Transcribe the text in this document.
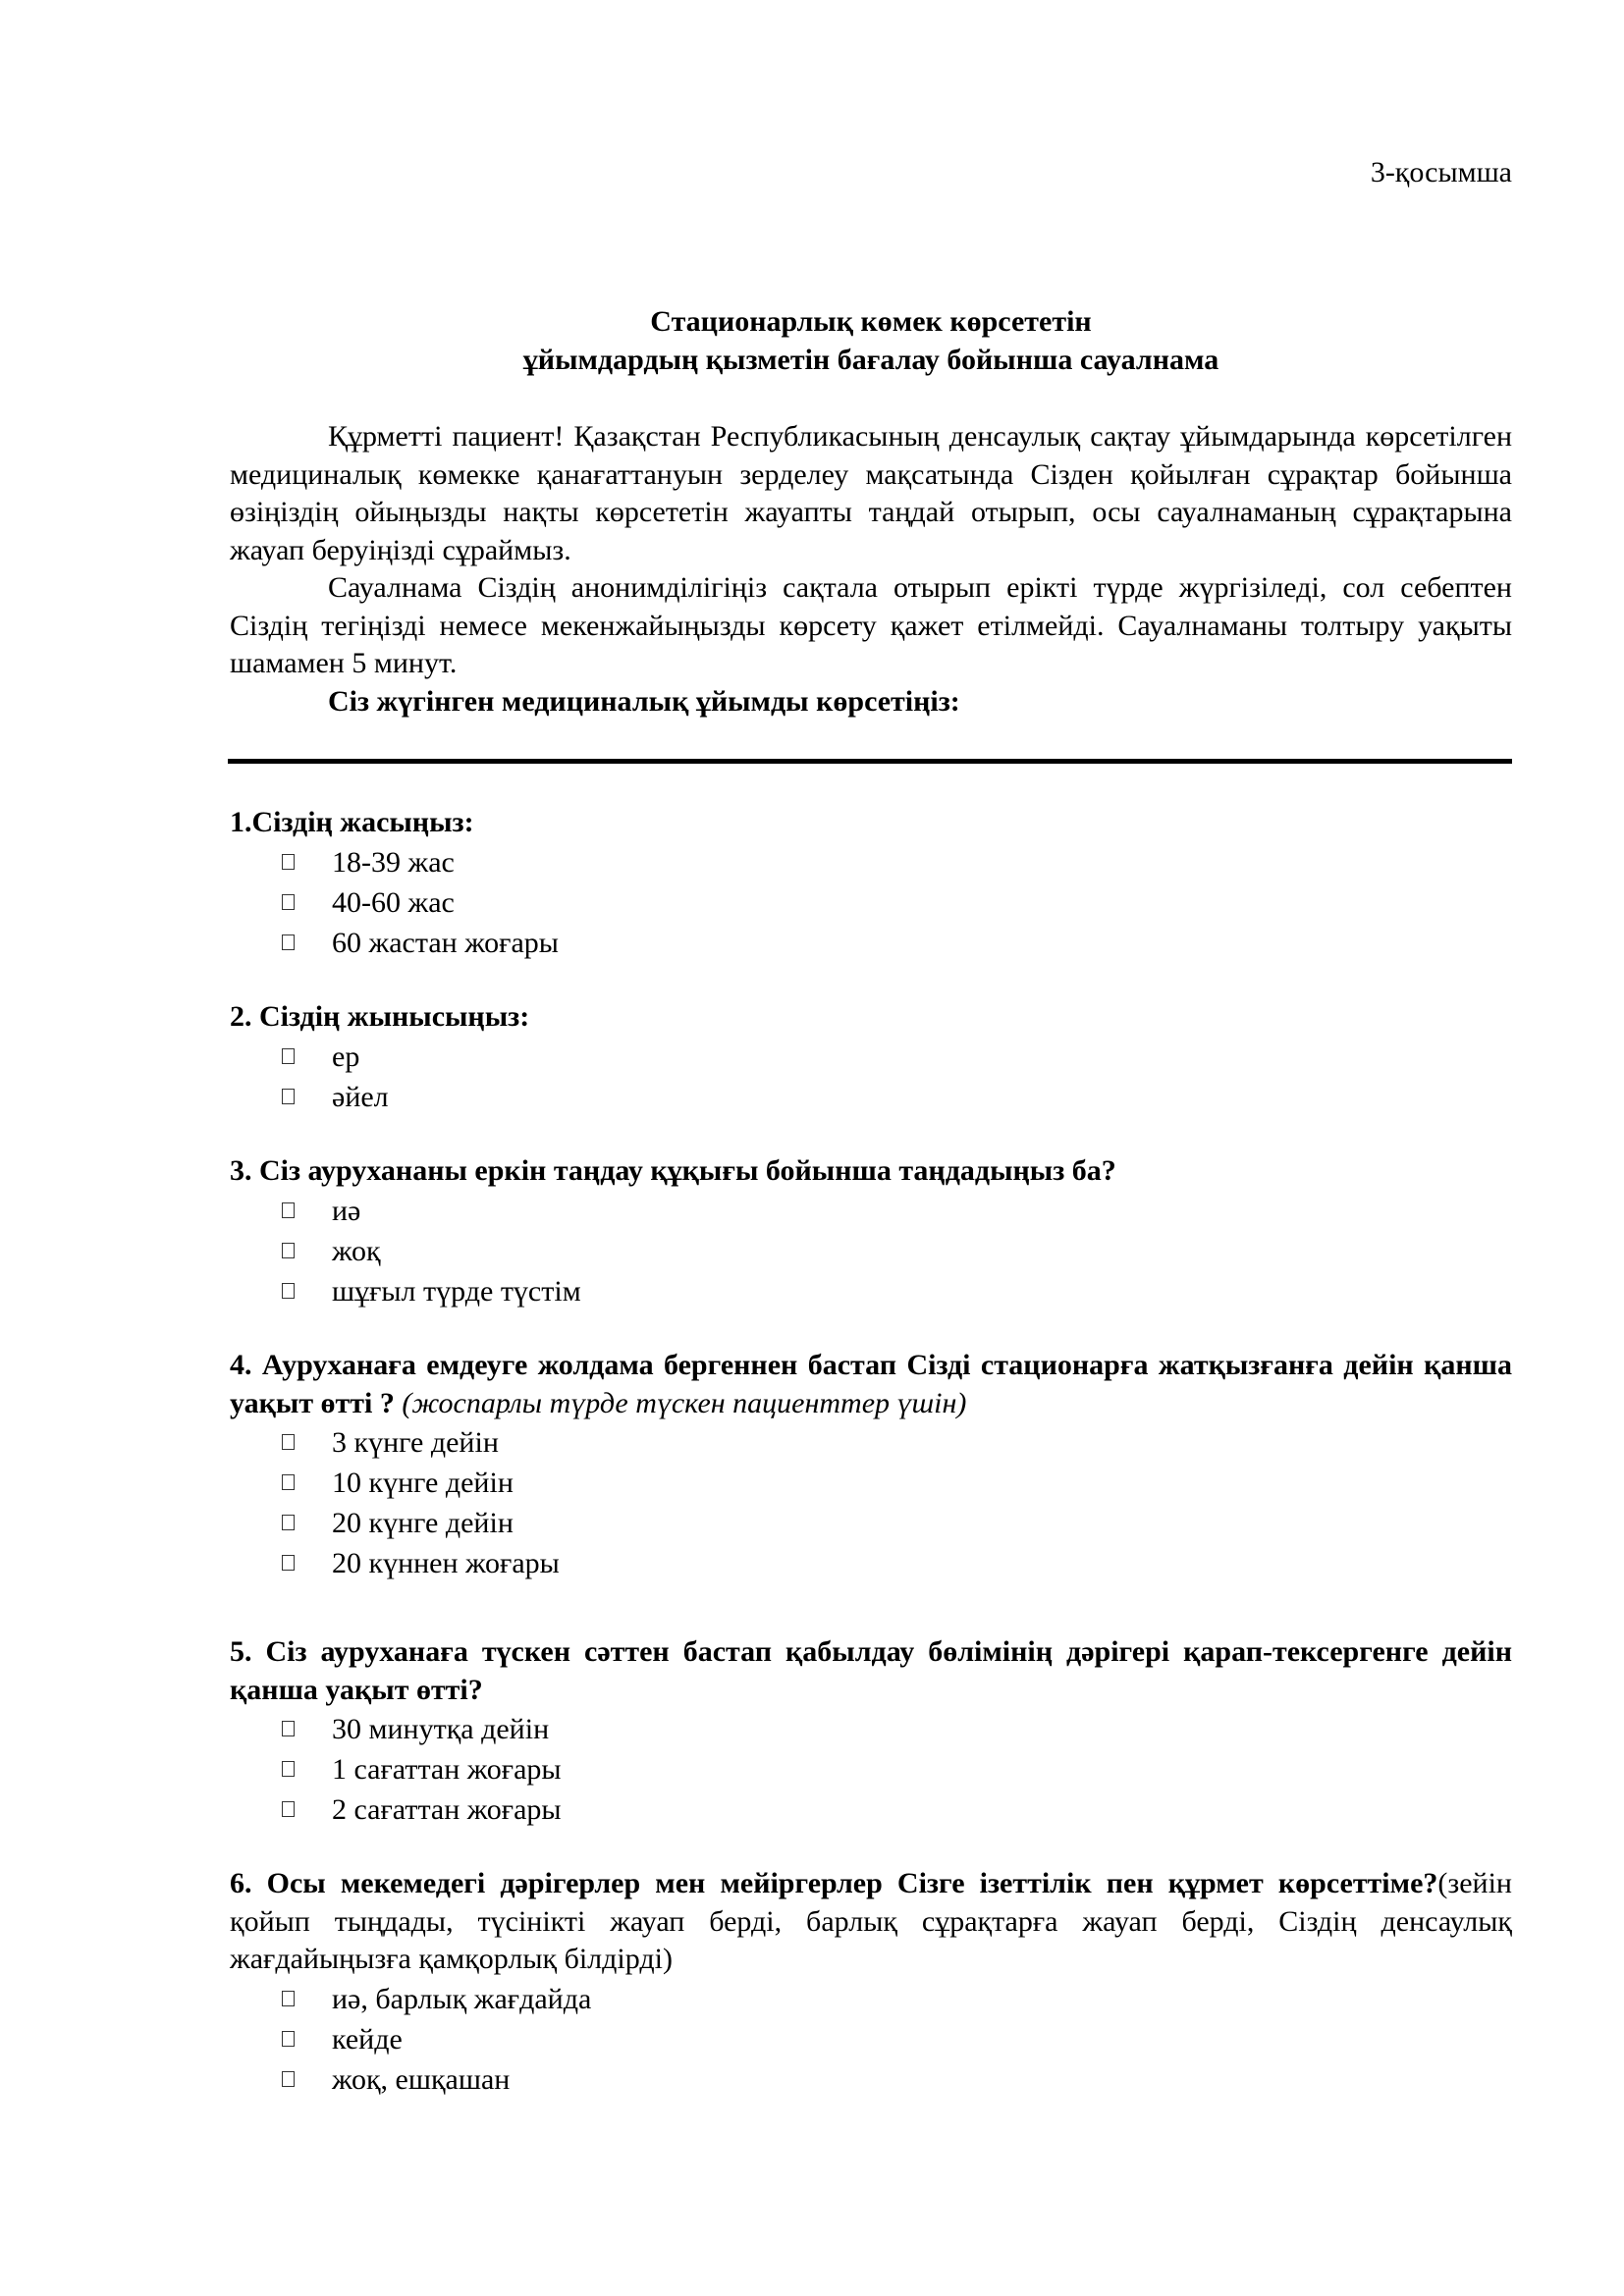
3-қосымша
Стационарлық көмек көрсететін
ұйымдардың қызметін бағалау бойынша сауалнама

Құрметті пациент! Қазақстан Республикасының денсаулық сақтау ұйымдарында көрсетілген медициналық көмекке қанағаттануын зерделеу мақсатында Сізден қойылған сұрақтар бойынша өзіңіздің ойыңызды нақты көрсететін жауапты таңдай отырып, осы сауалнаманың сұрақтарына жауап беруіңізді сұраймыз.

Сауалнама Сіздің анонимділігіңіз сақтала отырып ерікті түрде жүргізіледі, сол себептен Сіздің тегіңізді немесе мекенжайыңызды көрсету қажет етілмейді. Сауалнаманы толтыру уақыты шамамен 5 минут.

Сіз жүгінген медициналық ұйымды көрсетіңіз:

1.Сіздің жасыңыз:
18-39 жас
40-60 жас
60 жастан жоғары
2. Сіздің жынысыңыз:
ер
әйел
3. Сіз аурухананы еркін таңдау құқығы бойынша таңдадыңыз ба?
иә
жоқ
шұғыл түрде түстім
4. Ауруханаға емдеуге жолдама бергеннен бастап Сізді стационарға жатқызғанға дейін қанша уақыт өтті ? (жоспарлы түрде түскен пациенттер үшін)
3 күнге дейін
10 күнге дейін
20 күнге дейін
20 күннен жоғары
5. Сіз ауруханаға түскен сәттен бастап қабылдау бөлімінің дәрігері қарап-тексергенге дейін қанша уақыт өтті?
30 минутқа дейін
1 сағаттан жоғары
2 сағаттан жоғары
6. Осы мекемедегі дәрігерлер мен мейіргерлер Сізге ізеттілік пен құрмет көрсеттіме?(зейін қойып тыңдады, түсінікті жауап берді, барлық сұрақтарға жауап берді, Сіздің денсаулық жағдайыңызға қамқорлық білдірді)
иә, барлық жағдайда
кейде
жоқ, ешқашан
